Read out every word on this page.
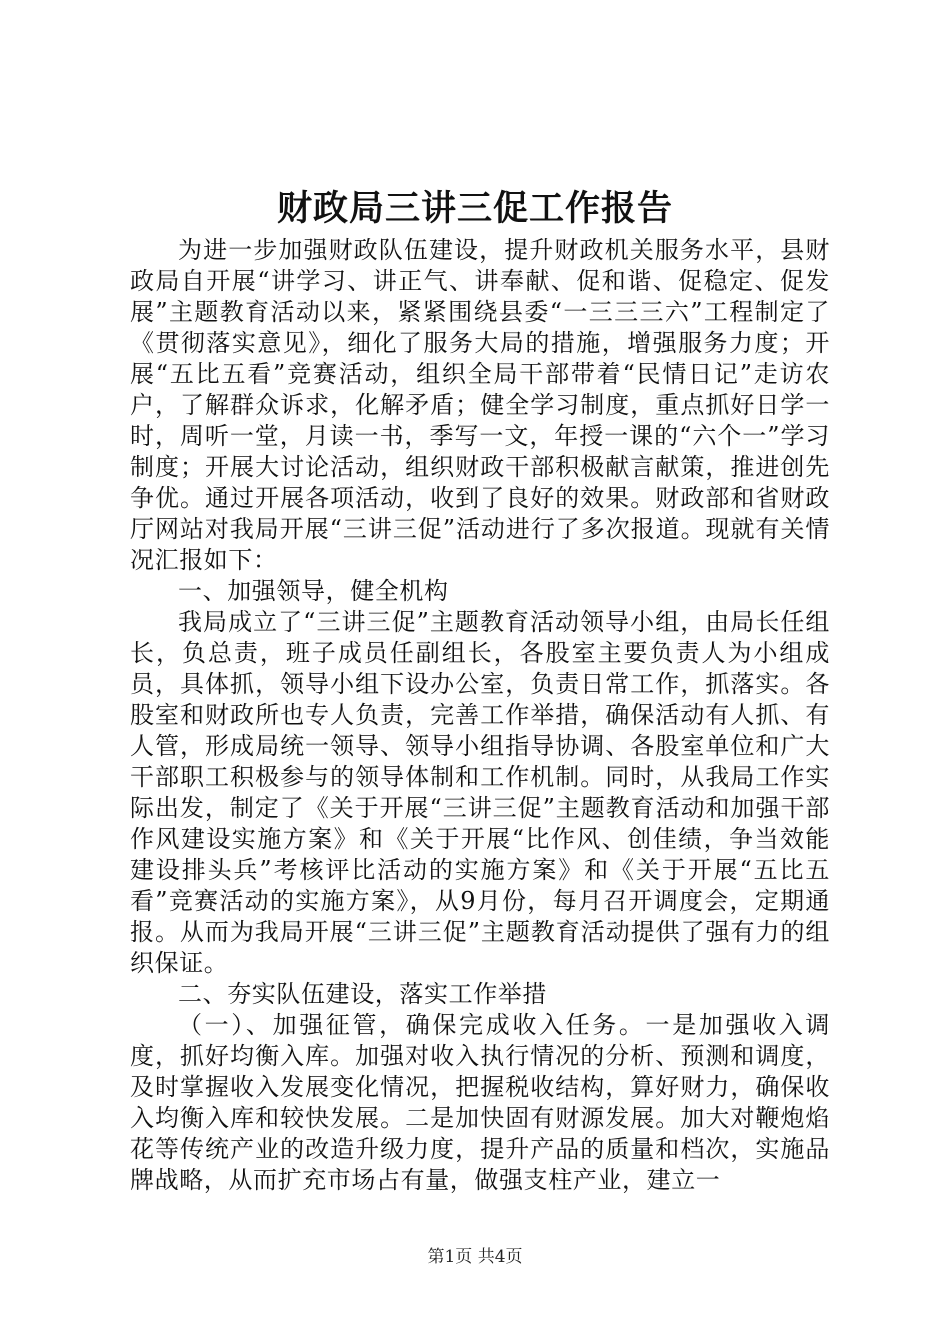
财政局三讲三促工作报告

为进一步加强财政队伍建设，提升财政机关服务水平，县财政局自开展“讲学习、讲正气、讲奉献、促和谐、促稳定、促发展”主题教育活动以来，紧紧围绕县委“一三三三六”工程制定了《贯彻落实意见》，细化了服务大局的措施，增强服务力度；开展“五比五看”竞赛活动，组织全局干部带着“民情日记”走访农户，了解群众诉求，化解矛盾；健全学习制度，重点抓好日学一时，周听一堂，月读一书，季写一文，年授一课的“六个一”学习制度；开展大讨论活动，组织财政干部积极献言献策，推进创先争优。通过开展各项活动，收到了良好的效果。财政部和省财政厅网站对我局开展“三讲三促”活动进行了多次报道。现就有关情况汇报如下：

一、加强领导，健全机构

我局成立了“三讲三促”主题教育活动领导小组，由局长任组长，负总责，班子成员任副组长，各股室主要负责人为小组成员，具体抓，领导小组下设办公室，负责日常工作，抓落实。各股室和财政所也专人负责，完善工作举措，确保活动有人抓、有人管，形成局统一领导、领导小组指导协调、各股室单位和广大干部职工积极参与的领导体制和工作机制。同时，从我局工作实际出发，制定了《关于开展“三讲三促”主题教育活动和加强干部作风建设实施方案》和《关于开展“比作风、创佳绩，争当效能建设排头兵”考核评比活动的实施方案》和《关于开展“五比五看”竞赛活动的实施方案》，从9月份，每月召开调度会，定期通报。从而为我局开展“三讲三促”主题教育活动提供了强有力的组织保证。

二、夯实队伍建设，落实工作举措

（一）、加强征管，确保完成收入任务。一是加强收入调度，抓好均衡入库。加强对收入执行情况的分析、预测和调度，及时掌握收入发展变化情况，把握税收结构，算好财力，确保收入均衡入库和较快发展。二是加快固有财源发展。加大对鞭炮焰花等传统产业的改造升级力度，提升产品的质量和档次，实施品牌战略，从而扩充市场占有量，做强支柱产业，建立一

第1页 共4页
